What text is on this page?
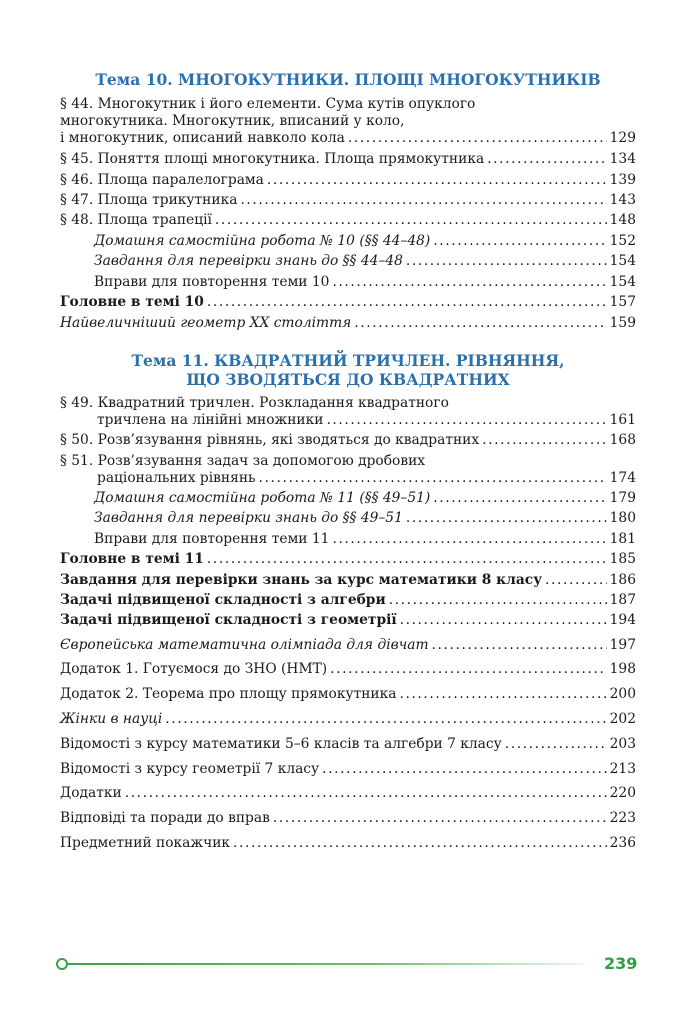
Тема 10. МНОГОКУТНИКИ. ПЛОЩІ МНОГОКУТНИКІВ
§ 44. Многокутник і його елементи. Сума кутів опуклого
многокутника. Многокутник, вписаний у коло,
і многокутник, описаний навколо кола .....	129
§ 45. Поняття площі многокутника. Площа прямокутника .....	134
§ 46. Площа паралелограма .....	139
§ 47. Площа трикутника .....	143
§ 48. Площа трапеції .....	148
Домашня самостійна робота № 10 (§§ 44–48) .....	152
Завдання для перевірки знань до §§ 44–48 .....	154
Вправи для повторення теми 10 .....	154
Головне в темі 10 .....	157
Найвеличніший геометр XX століття .....	159
Тема 11. КВАДРАТНИЙ ТРИЧЛЕН. РІВНЯННЯ,
ЩО ЗВОДЯТЬСЯ ДО КВАДРАТНИХ
§ 49. Квадратний тричлен. Розкладання квадратного
тричлена на лінійні множники .....	161
§ 50. Розв’язування рівнянь, які зводяться до квадратних .....	168
§ 51. Розв’язування задач за допомогою дробових
раціональних рівнянь .....	174
Домашня самостійна робота № 11 (§§ 49–51) .....	179
Завдання для перевірки знань до §§ 49–51 .....	180
Вправи для повторення теми 11 .....	181
Головне в темі 11 .....	185
Завдання для перевірки знань за курс математики 8 класу .....	186
Задачі підвищеної складності з алгебри .....	187
Задачі підвищеної складності з геометрії .....	194
Європейська математична олімпіада для дівчат .....	197
Додаток 1. Готуємося до ЗНО (НМТ) .....	198
Додаток 2. Теорема про площу прямокутника .....	200
Жінки в науці .....	202
Відомості з курсу математики 5–6 класів та алгебри 7 класу .....	203
Відомості з курсу геометрії 7 класу .....	213
Додатки .....	220
Відповіді та поради до вправ .....	223
Предметний покажчик .....	236
239
